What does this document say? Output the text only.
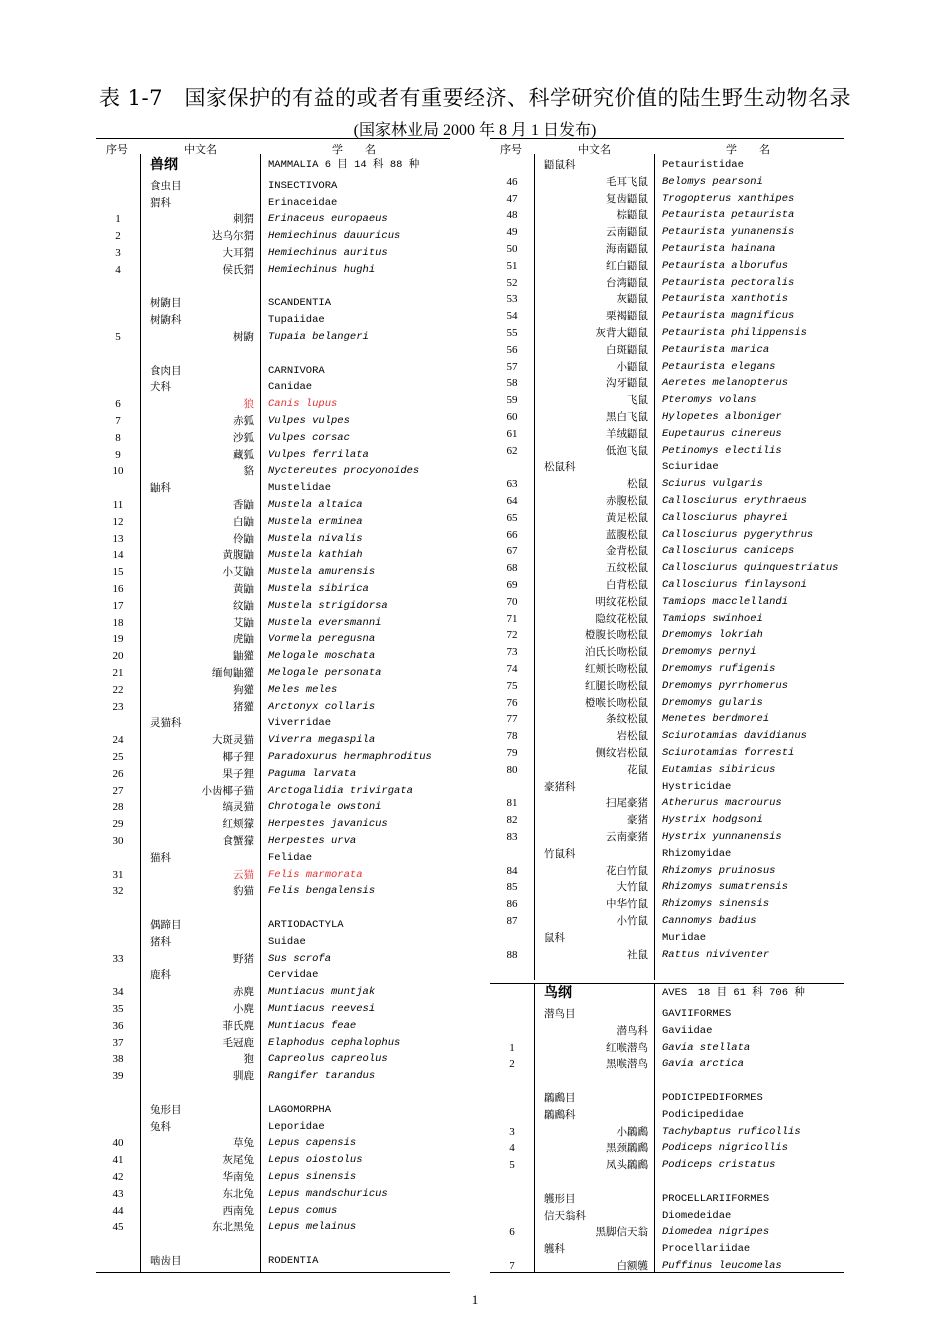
表 1-7　国家保护的有益的或者有重要经济、科学研究价值的陆生野生动物名录
(国家林业局 2000 年 8 月 1 日发布)
序号	中文名	学　　名
兽纲	MAMMALIA 6 目 14 科 88 种
食虫目	INSECTIVORA
猬科	Erinaceidae
1	刺猬 Erinaceus europaeus
2	达乌尔猬 Hemiechinus dauuricus
3	大耳猬 Hemiechinus auritus
4	侯氏猬 Hemiechinus hughi
树鼩目	SCANDENTIA
树鼩科	Tupaiidae
5	树鼩 Tupaia belangeri
食肉目	CARNIVORA
犬科	Canidae
6	狼 Canis lupus
7	赤狐 Vulpes vulpes
8	沙狐 Vulpes corsac
9	藏狐 Vulpes ferrilata
10	貉 Nyctereutes procyonoides
鼬科	Mustelidae
11	香鼬 Mustela altaica
12	白鼬 Mustela erminea
13	伶鼬 Mustela nivalis
14	黄腹鼬 Mustela kathiah
15	小艾鼬 Mustela amurensis
16	黄鼬 Mustela sibirica
17	纹鼬 Mustela strigidorsa
18	艾鼬 Mustela eversmanni
19	虎鼬 Vormela peregusna
20	鼬獾 Melogale moschata
21	缅甸鼬獾 Melogale personata
22	狗獾 Meles meles
23	猪獾 Arctonyx collaris
灵猫科	Viverridae
24	大斑灵猫 Viverra megaspila
25	椰子狸 Paradoxurus hermaphroditus
26	果子狸 Paguma larvata
27	小齿椰子猫 Arctogalidia trivirgata
28	缟灵猫 Chrotogale owstoni
29	红颊獴 Herpestes javanicus
30	食蟹獴 Herpestes urva
猫科	Felidae
31	云猫 Felis marmorata
32	豹猫 Felis bengalensis
偶蹄目	ARTIODACTYLA
猪科	Suidae
33	野猪 Sus scrofa
鹿科	Cervidae
34	赤麂 Muntiacus muntjak
35	小麂 Muntiacus reevesi
36	菲氏麂 Muntiacus feae
37	毛冠鹿 Elaphodus cephalophus
38	狍 Capreolus capreolus
39	驯鹿 Rangifer tarandus
兔形目	LAGOMORPHA
兔科	Leporidae
40	草兔 Lepus capensis
41	灰尾兔 Lepus oiostolus
42	华南兔 Lepus sinensis
43	东北兔 Lepus mandschuricus
44	西南兔 Lepus comus
45	东北黑兔 Lepus melainus
啮齿目	RODENTIA
序号	中文名	学　　名
鼯鼠科	Petauristidae
46	毛耳飞鼠 Belomys pearsoni
47	复齿鼯鼠 Trogopterus xanthipes
48	棕鼯鼠 Petaurista petaurista
49	云南鼯鼠 Petaurista yunanensis
50	海南鼯鼠 Petaurista hainana
51	红白鼯鼠 Petaurista alborufus
52	台湾鼯鼠 Petaurista pectoralis
53	灰鼯鼠 Petaurista xanthotis
54	栗褐鼯鼠 Petaurista magnificus
55	灰背大鼯鼠 Petaurista philippensis
56	白斑鼯鼠 Petaurista marica
57	小鼯鼠 Petaurista elegans
58	沟牙鼯鼠 Aeretes melanopterus
59	飞鼠 Pteromys volans
60	黑白飞鼠 Hylopetes alboniger
61	羊绒鼯鼠 Eupetaurus cinereus
62	低泡飞鼠 Petinomys electilis
松鼠科	Sciuridae
63	松鼠 Sciurus vulgaris
64	赤腹松鼠 Callosciurus erythraeus
65	黄足松鼠 Callosciurus phayrei
66	蓝腹松鼠 Callosciurus pygerythrus
67	金背松鼠 Callosciurus caniceps
68	五纹松鼠 Callosciurus quinquestriatus
69	白背松鼠 Callosciurus finlaysoni
70	明纹花松鼠 Tamiops macclellandi
71	隐纹花松鼠 Tamiops swinhoei
72	橙腹长吻松鼠 Dremomys lokriah
73	泊氏长吻松鼠 Dremomys pernyi
74	红颊长吻松鼠 Dremomys rufigenis
75	红腿长吻松鼠 Dremomys pyrrhomerus
76	橙喉长吻松鼠 Dremomys gularis
77	条纹松鼠 Menetes berdmorei
78	岩松鼠 Sciurotamias davidianus
79	侧纹岩松鼠 Sciurotamias forresti
80	花鼠 Eutamias sibiricus
豪猪科	Hystricidae
81	扫尾豪猪 Atherurus macrourus
82	豪猪 Hystrix hodgsoni
83	云南豪猪 Hystrix yunnanensis
竹鼠科	Rhizomyidae
84	花白竹鼠 Rhizomys pruinosus
85	大竹鼠 Rhizomys sumatrensis
86	中华竹鼠 Rhizomys sinensis
87	小竹鼠 Cannomys badius
鼠科	Muridae
88	社鼠 Rattus niviventer
鸟纲	AVES　18 目 61 科 706 种
潜鸟目	GAVIIFORMES
潜鸟科 Gaviidae
1	红喉潜鸟 Gavia stellata
2	黑喉潜鸟 Gavia arctica
鸊鷉目	PODICIPEDIFORMES
鸊鷉科	Podicipedidae
3	小鸊鷉 Tachybaptus ruficollis
4	黑颈鸊鷉 Podiceps nigricollis
5	凤头鸊鷉 Podiceps cristatus
鹱形目	PROCELLARIIFORMES
信天翁科	Diomedeidae
6	黑脚信天翁 Diomedea nigripes
鹱科	Procellariidae
7	白额鹱 Puffinus leucomelas
1
